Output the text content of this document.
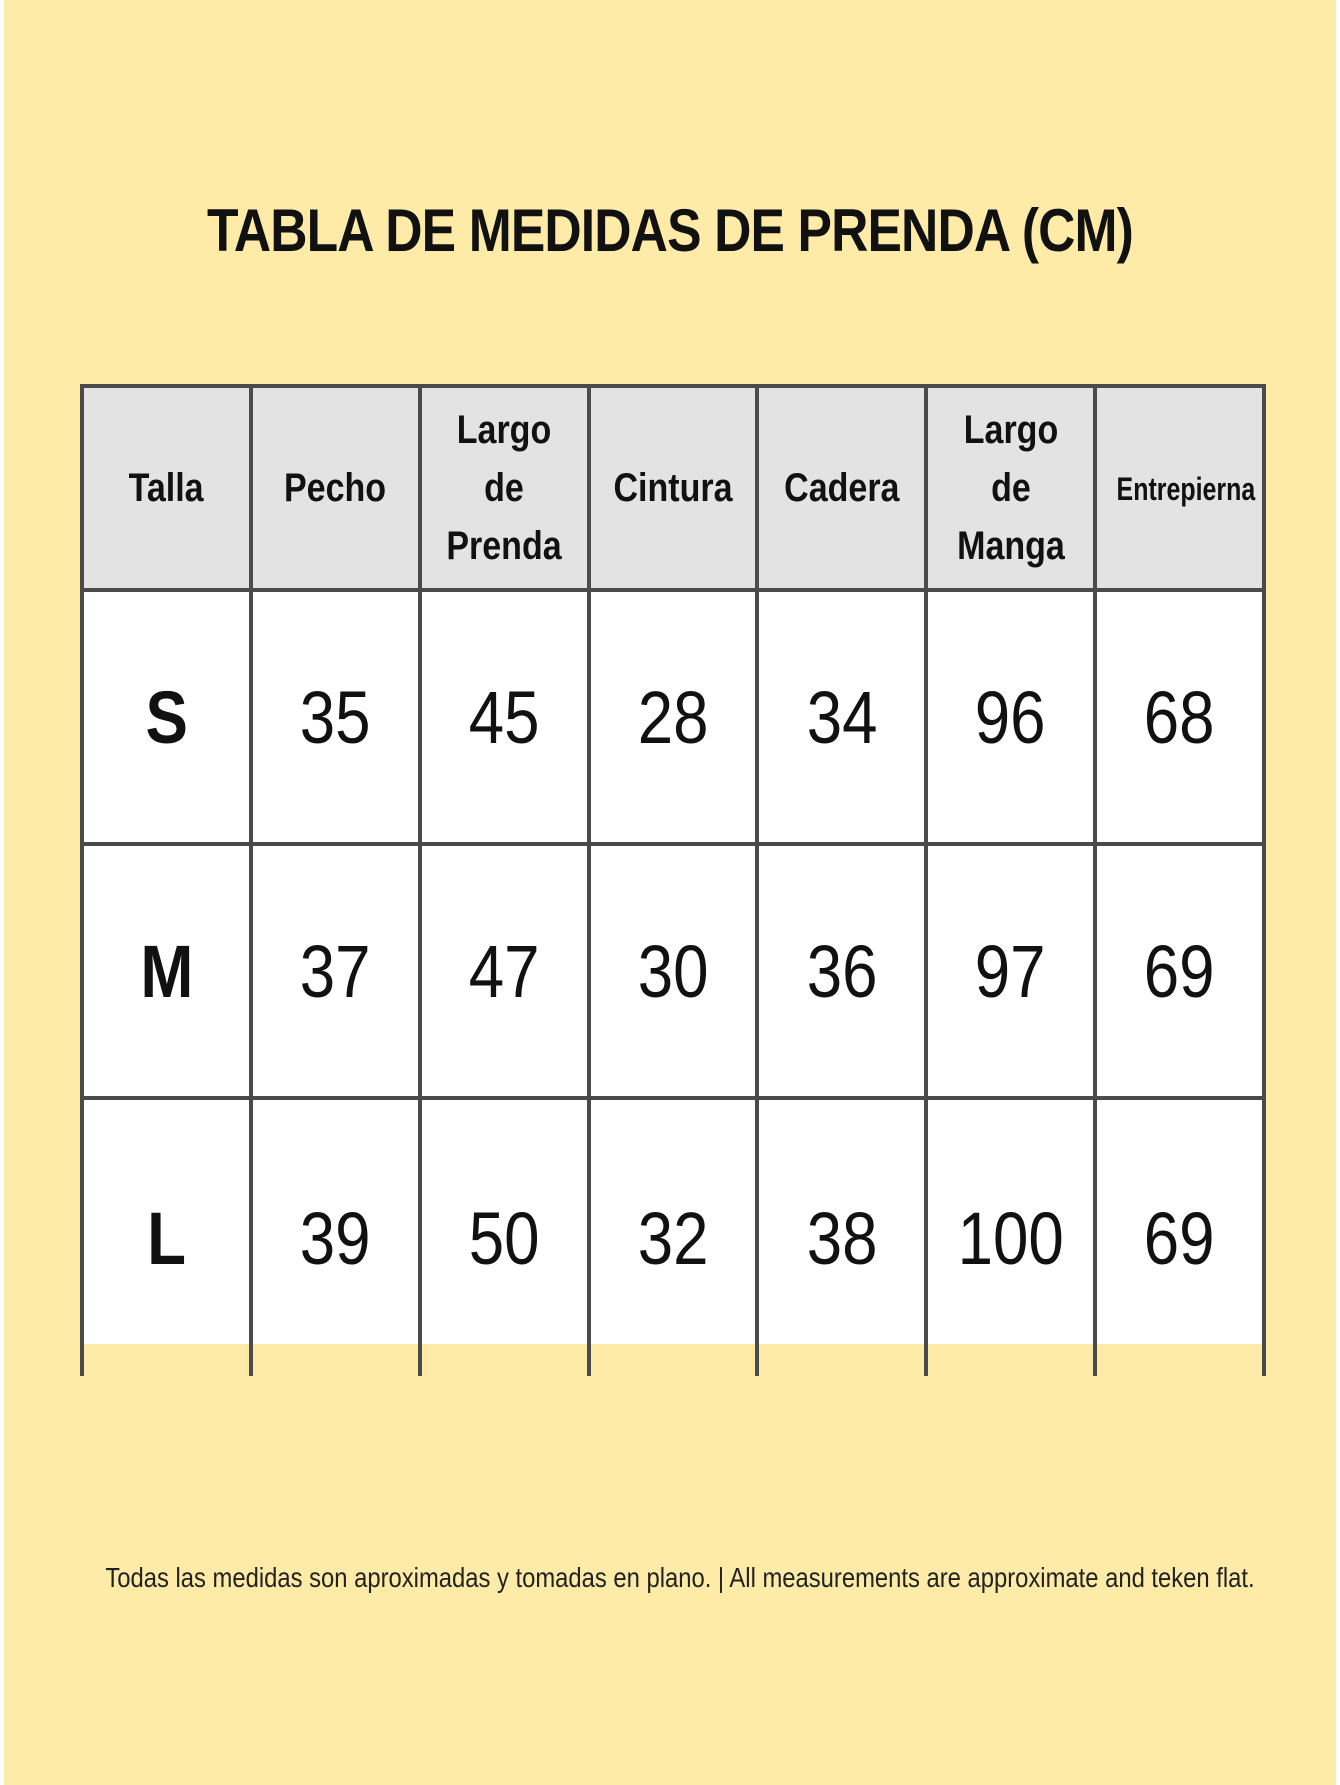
TABLA DE MEDIDAS DE PRENDA (CM)
Talla	Pecho	Largo de Prenda	Cintura	Cadera	Largo de Manga	Entrepierna
S	35	45	28	34	96	68
M	37	47	30	36	97	69
L	39	50	32	38	100	69
Todas las medidas son aproximadas y tomadas en plano. | All measurements are approximate and teken flat.
